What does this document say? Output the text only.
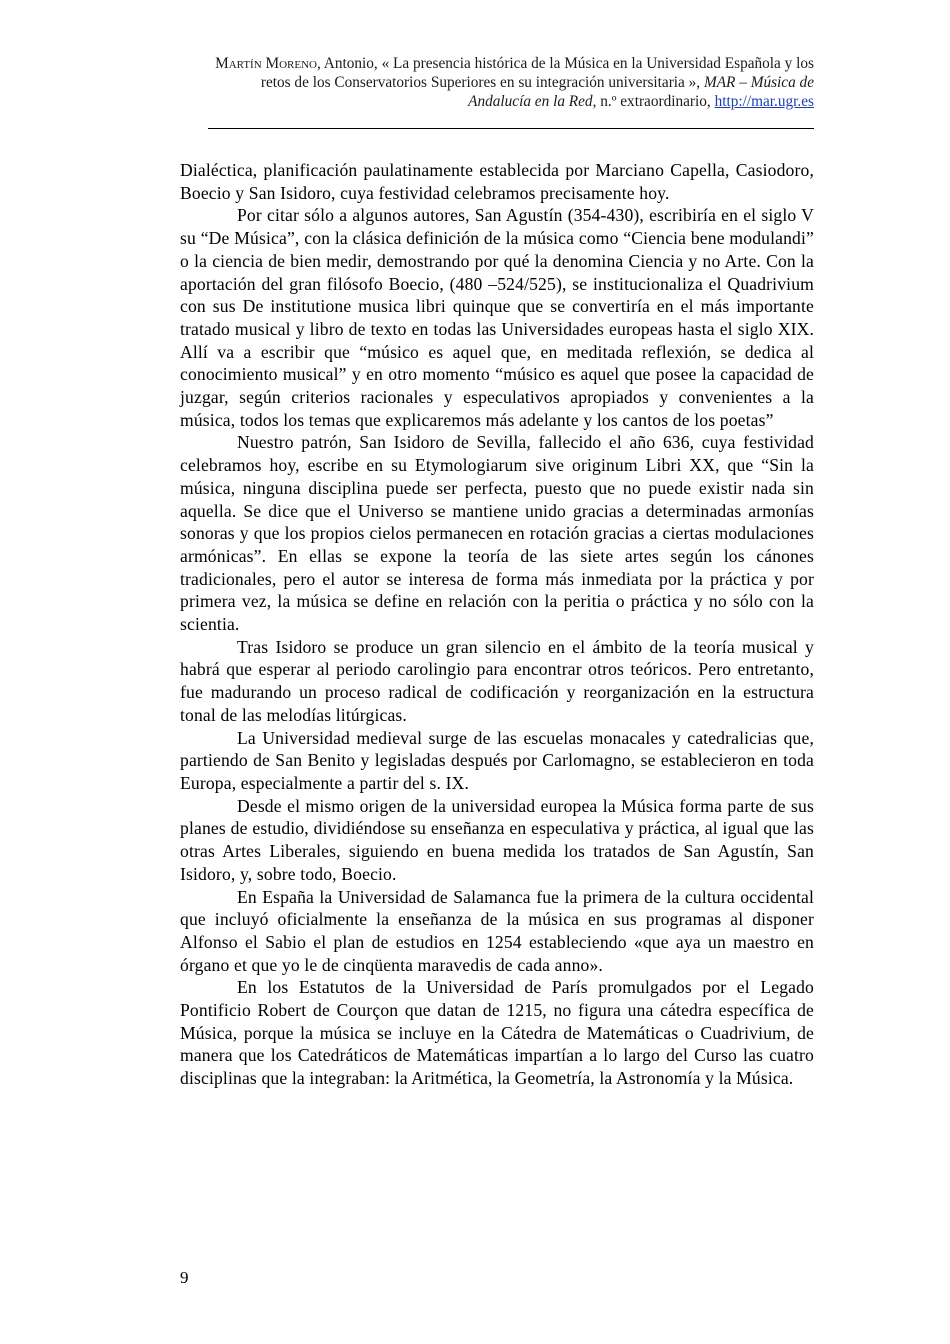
Martín Moreno, Antonio, « La presencia histórica de la Música en la Universidad Española y los retos de los Conservatorios Superiores en su integración universitaria », MAR – Música de Andalucía en la Red, n.º extraordinario, http://mar.ugr.es

Dialéctica, planificación paulatinamente establecida por Marciano Capella, Casiodoro, Boecio y San Isidoro, cuya festividad celebramos precisamente hoy.

Por citar sólo a algunos autores, San Agustín (354-430), escribiría en el siglo V su “De Música”, con la clásica definición de la música como “Ciencia bene modulandi” o la ciencia de bien medir, demostrando por qué la denomina Ciencia y no Arte. Con la aportación del gran filósofo Boecio, (480 –524/525), se institucionaliza el Quadrivium con sus De institutione musica libri quinque que se convertiría en el más importante tratado musical y libro de texto en todas las Universidades europeas hasta el siglo XIX. Allí va a escribir que “músico es aquel que, en meditada reflexión, se dedica al conocimiento musical” y en otro momento “músico es aquel que posee la capacidad de juzgar, según criterios racionales y especulativos apropiados y convenientes a la música, todos los temas que explicaremos más adelante y los cantos de los poetas”

Nuestro patrón, San Isidoro de Sevilla, fallecido el año 636, cuya festividad celebramos hoy, escribe en su Etymologiarum sive originum Libri XX, que “Sin la música, ninguna disciplina puede ser perfecta, puesto que no puede existir nada sin aquella. Se dice que el Universo se mantiene unido gracias a determinadas armonías sonoras y que los propios cielos permanecen en rotación gracias a ciertas modulaciones armónicas”. En ellas se expone la teoría de las siete artes según los cánones tradicionales, pero el autor se interesa de forma más inmediata por la práctica y por primera vez, la música se define en relación con la peritia o práctica y no sólo con la scientia.

Tras Isidoro se produce un gran silencio en el ámbito de la teoría musical y habrá que esperar al periodo carolingio para encontrar otros teóricos. Pero entretanto, fue madurando un proceso radical de codificación y reorganización en la estructura tonal de las melodías litúrgicas.

La Universidad medieval surge de las escuelas monacales y catedralicias que, partiendo de San Benito y legisladas después por Carlomagno, se establecieron en toda Europa, especialmente a partir del s. IX.

Desde el mismo origen de la universidad europea la Música forma parte de sus planes de estudio, dividiéndose su enseñanza en especulativa y práctica, al igual que las otras Artes Liberales, siguiendo en buena medida los tratados de San Agustín, San Isidoro, y, sobre todo, Boecio.

En España la Universidad de Salamanca fue la primera de la cultura occidental que incluyó oficialmente la enseñanza de la música en sus programas al disponer Alfonso el Sabio el plan de estudios en 1254 estableciendo «que aya un maestro en órgano et que yo le de cinqüenta maravedis de cada anno».

En los Estatutos de la Universidad de París promulgados por el Legado Pontificio Robert de Courçon que datan de 1215, no figura una cátedra específica de Música, porque la música se incluye en la Cátedra de Matemáticas o Cuadrivium, de manera que los Catedráticos de Matemáticas impartían a lo largo del Curso las cuatro disciplinas que la integraban: la Aritmética, la Geometría, la Astronomía y la Música.

9
